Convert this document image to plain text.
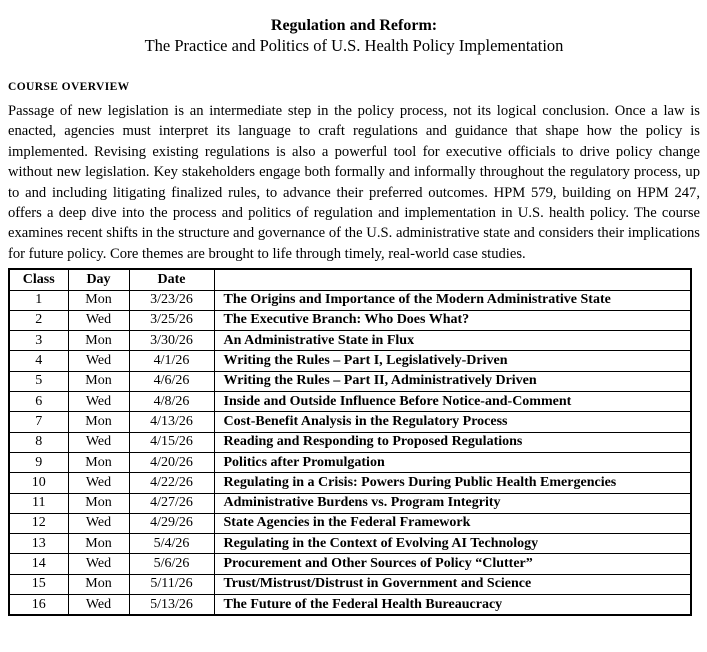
Regulation and Reform:
The Practice and Politics of U.S. Health Policy Implementation
COURSE OVERVIEW
Passage of new legislation is an intermediate step in the policy process, not its logical conclusion. Once a law is enacted, agencies must interpret its language to craft regulations and guidance that shape how the policy is implemented. Revising existing regulations is also a powerful tool for executive officials to drive policy change without new legislation. Key stakeholders engage both formally and informally throughout the regulatory process, up to and including litigating finalized rules, to advance their preferred outcomes. HPM 579, building on HPM 247, offers a deep dive into the process and politics of regulation and implementation in U.S. health policy. The course examines recent shifts in the structure and governance of the U.S. administrative state and considers their implications for future policy. Core themes are brought to life through timely, real-world case studies.
Class	Day	Date	
1	Mon	3/23/26	The Origins and Importance of the Modern Administrative State
2	Wed	3/25/26	The Executive Branch: Who Does What?
3	Mon	3/30/26	An Administrative State in Flux
4	Wed	4/1/26	Writing the Rules – Part I, Legislatively-Driven
5	Mon	4/6/26	Writing the Rules – Part II, Administratively Driven
6	Wed	4/8/26	Inside and Outside Influence Before Notice-and-Comment
7	Mon	4/13/26	Cost-Benefit Analysis in the Regulatory Process
8	Wed	4/15/26	Reading and Responding to Proposed Regulations
9	Mon	4/20/26	Politics after Promulgation
10	Wed	4/22/26	Regulating in a Crisis: Powers During Public Health Emergencies
11	Mon	4/27/26	Administrative Burdens vs. Program Integrity
12	Wed	4/29/26	State Agencies in the Federal Framework
13	Mon	5/4/26	Regulating in the Context of Evolving AI Technology
14	Wed	5/6/26	Procurement and Other Sources of Policy “Clutter”
15	Mon	5/11/26	Trust/Mistrust/Distrust in Government and Science
16	Wed	5/13/26	The Future of the Federal Health Bureaucracy
